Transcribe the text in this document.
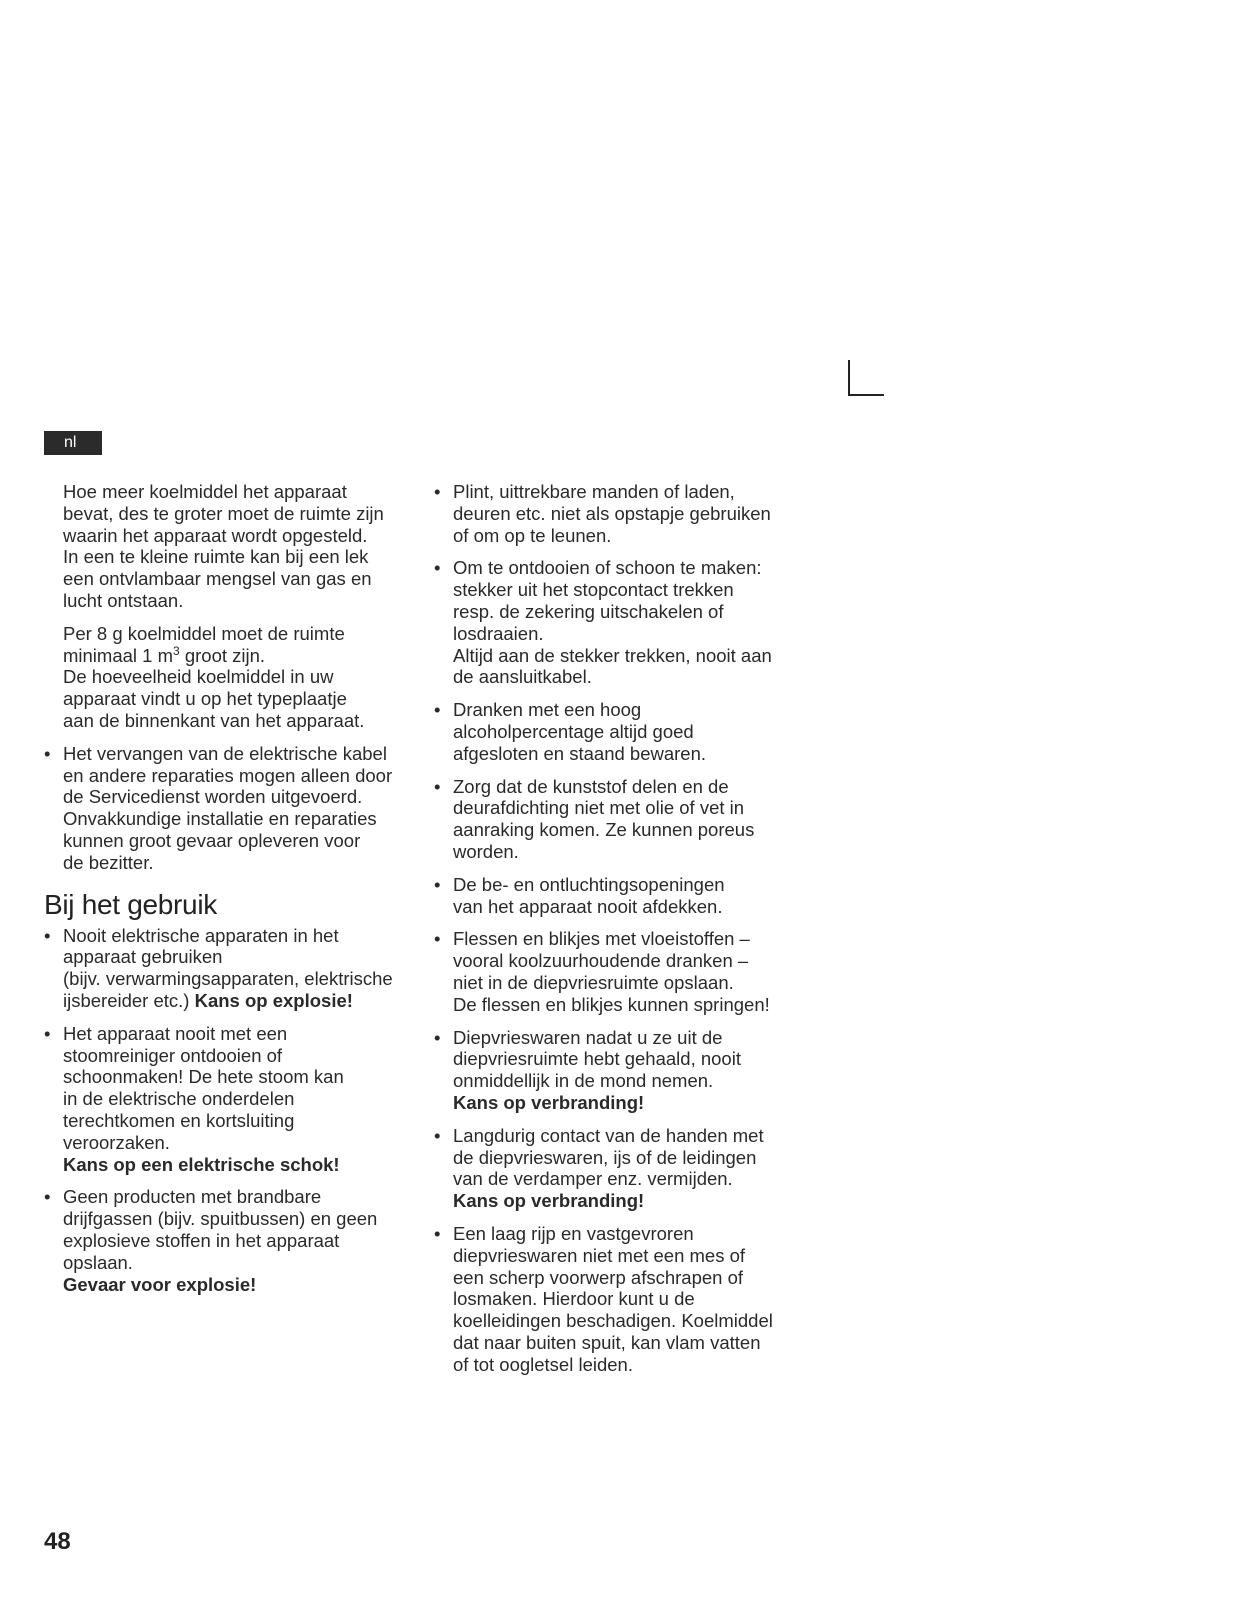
nl
Hoe meer koelmiddel het apparaat
bevat, des te groter moet de ruimte zijn
waarin het apparaat wordt opgesteld.
In een te kleine ruimte kan bij een lek
een ontvlambaar mengsel van gas en
lucht ontstaan.
Per 8 g koelmiddel moet de ruimte
minimaal 1 $m^3$ groot zijn.
De hoeveelheid koelmiddel in uw
apparaat vindt u op het typeplaatje
aan de binnenkant van het apparaat.
• Het vervangen van de elektrische kabel
en andere reparaties mogen alleen door
de Servicedienst worden uitgevoerd.
Onvakkundige installatie en reparaties
kunnen groot gevaar opleveren voor
de bezitter.
Bij het gebruik
• Nooit elektrische apparaten in het
apparaat gebruiken
(bijv. verwarmingsapparaten, elektrische
ijsbereider etc.) Kans op explosie!
• Het apparaat nooit met een
stoomreiniger ontdooien of
schoonmaken! De hete stoom kan
in de elektrische onderdelen
terechtkomen en kortsluiting
veroorzaken.
Kans op een elektrische schok!
• Geen producten met brandbare
drijfgassen (bijv. spuitbussen) en geen
explosieve stoffen in het apparaat
opslaan.
Gevaar voor explosie!
• Plint, uittrekbare manden of laden,
deuren etc. niet als opstapje gebruiken
of om op te leunen.
• Om te ontdooien of schoon te maken:
stekker uit het stopcontact trekken
resp. de zekering uitschakelen of
losdraaien.
Altijd aan de stekker trekken, nooit aan
de aansluitkabel.
• Dranken met een hoog
alcoholpercentage altijd goed
afgesloten en staand bewaren.
• Zorg dat de kunststof delen en de
deurafdichting niet met olie of vet in
aanraking komen. Ze kunnen poreus
worden.
• De be- en ontluchtingsopeningen
van het apparaat nooit afdekken.
• Flessen en blikjes met vloeistoffen –
vooral koolzuurhoudende dranken –
niet in de diepvriesruimte opslaan.
De flessen en blikjes kunnen springen!
• Diepvrieswaren nadat u ze uit de
diepvriesruimte hebt gehaald, nooit
onmiddellijk in de mond nemen.
Kans op verbranding!
• Langdurig contact van de handen met
de diepvrieswaren, ijs of de leidingen
van de verdamper enz. vermijden.
Kans op verbranding!
• Een laag rijp en vastgevroren
diepvrieswaren niet met een mes of
een scherp voorwerp afschrapen of
losmaken. Hierdoor kunt u de
koelleidingen beschadigen. Koelmiddel
dat naar buiten spuit, kan vlam vatten
of tot oogletsel leiden.
48
